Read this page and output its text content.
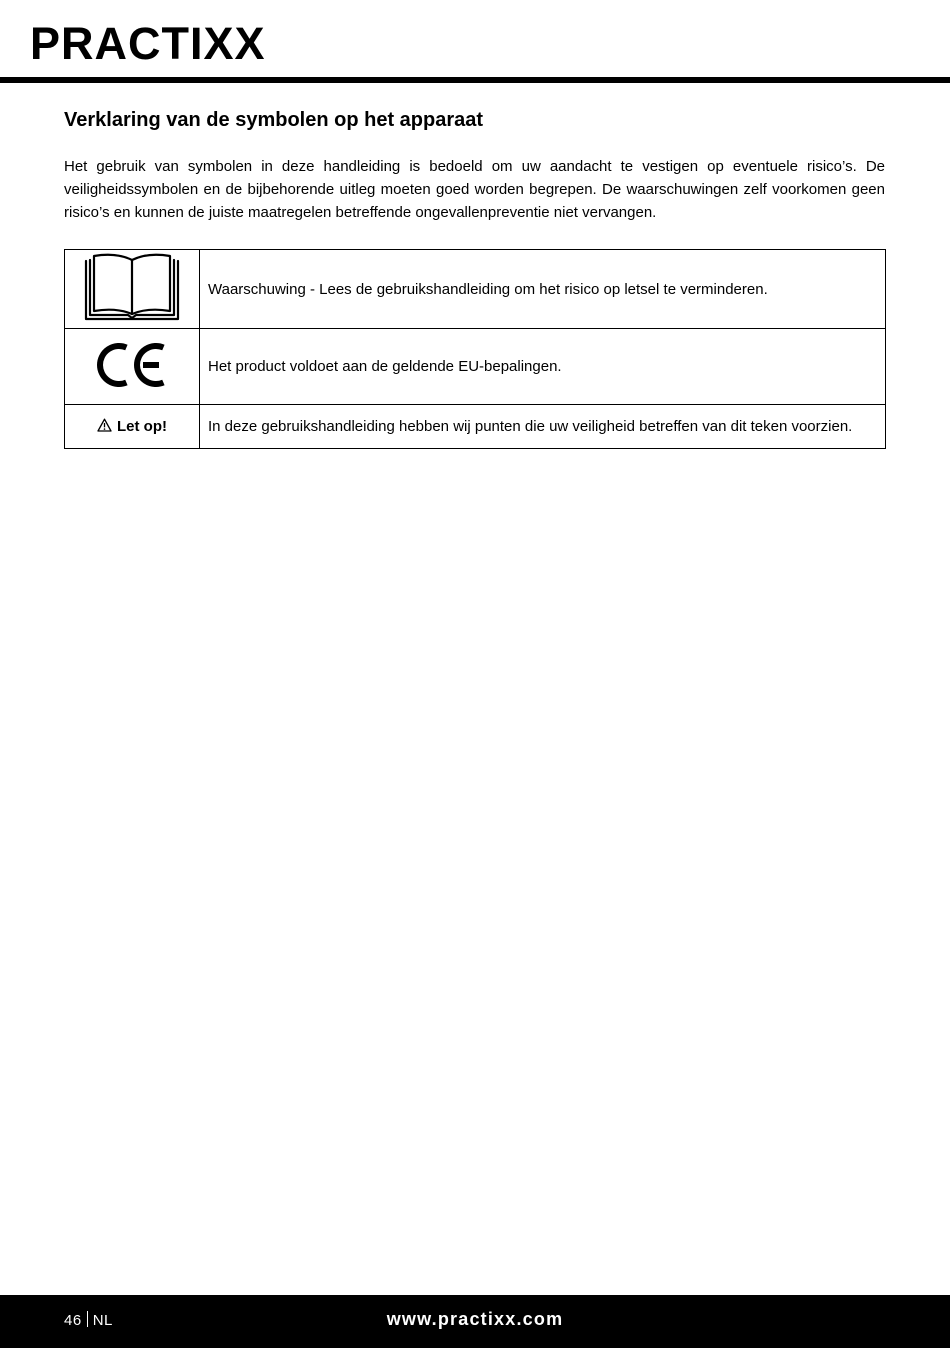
PRACTIXX
Verklaring van de symbolen op het apparaat

Het gebruik van symbolen in deze handleiding is bedoeld om uw aandacht te vestigen op eventuele risico’s. De veiligheidssymbolen en de bijbehorende uitleg moeten goed worden begrepen. De waarschuwingen zelf voorkomen geen risico’s en kunnen de juiste maatregelen betreffende ongevallenpreventie niet vervangen.

	Waarschuwing - Lees de gebruikshandleiding om het risico op letsel te verminderen.
	Het product voldoet aan de geldende EU-bepalingen.
Let op!	In deze gebruikshandleiding hebben wij punten die uw veiligheid betreffen van dit teken voorzien.
46 NL	www.practixx.com
